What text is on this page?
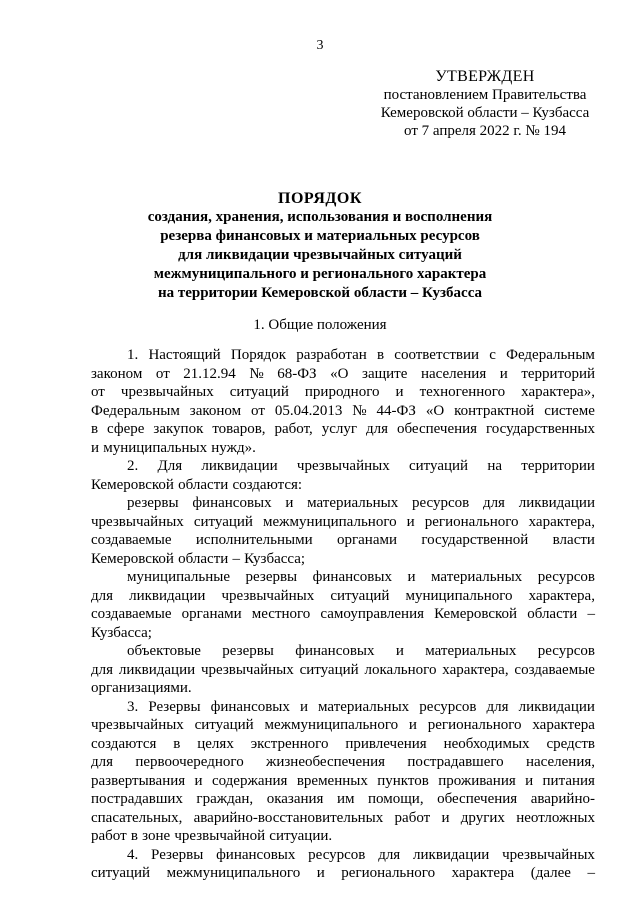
3
УТВЕРЖДЕН
постановлением Правительства
Кемеровской области – Кузбасса
от 7 апреля 2022 г. № 194
ПОРЯДОК
создания, хранения, использования и восполнения
резерва финансовых и материальных ресурсов
для ликвидации чрезвычайных ситуаций
межмуниципального и регионального характера
на территории Кемеровской области – Кузбасса
1. Общие положения
1. Настоящий Порядок разработан в соответствии с Федеральным
законом от 21.12.94 № 68-ФЗ «О защите населения и территорий
от чрезвычайных ситуаций природного и техногенного характера»,
Федеральным законом от 05.04.2013 № 44-ФЗ «О контрактной системе
в сфере закупок товаров, работ, услуг для обеспечения государственных
и муниципальных нужд».
2. Для ликвидации чрезвычайных ситуаций на территории
Кемеровской области создаются:
резервы финансовых и материальных ресурсов для ликвидации
чрезвычайных ситуаций межмуниципального и регионального характера,
создаваемые исполнительными органами государственной власти
Кемеровской области – Кузбасса;
муниципальные резервы финансовых и материальных ресурсов
для ликвидации чрезвычайных ситуаций муниципального характера,
создаваемые органами местного самоуправления Кемеровской области –
Кузбасса;
объектовые резервы финансовых и материальных ресурсов
для ликвидации чрезвычайных ситуаций локального характера, создаваемые
организациями.
3. Резервы финансовых и материальных ресурсов для ликвидации
чрезвычайных ситуаций межмуниципального и регионального характера
создаются в целях экстренного привлечения необходимых средств
для первоочередного жизнеобеспечения пострадавшего населения,
развертывания и содержания временных пунктов проживания и питания
пострадавших граждан, оказания им помощи, обеспечения аварийно-
спасательных, аварийно-восстановительных работ и других неотложных
работ в зоне чрезвычайной ситуации.
4. Резервы финансовых ресурсов для ликвидации чрезвычайных
ситуаций межмуниципального и регионального характера (далее –
